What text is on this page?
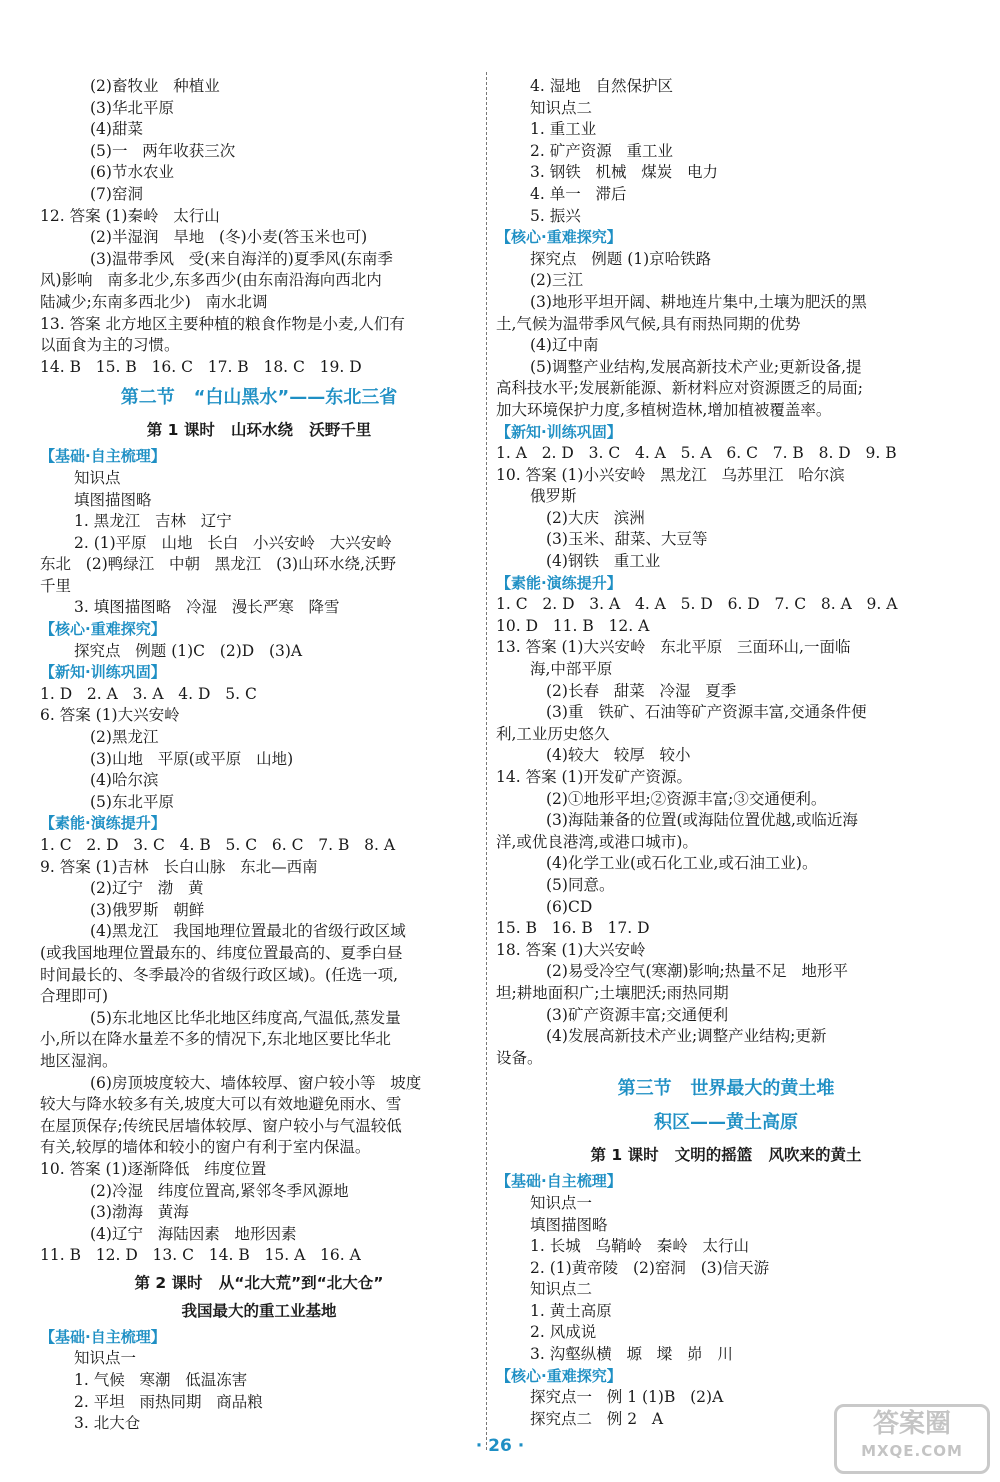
(2)畜牧业   种植业
(3)华北平原
(4)甜菜
(5)一   两年收获三次
(6)节水农业
(7)窑洞
12. 答案 (1)秦岭   太行山
(2)半湿润   旱地   (冬)小麦(答玉米也可)
(3)温带季风   受(来自海洋的)夏季风(东南季
风)影响   南多北少,东多西少(由东南沿海向西北内
陆减少;东南多西北少)   南水北调
13. 答案 北方地区主要种植的粮食作物是小麦,人们有
以面食为主的习惯。
14. B   15. B   16. C   17. B   18. C   19. D
第二节   “白山黑水”——东北三省
第 1 课时   山环水绕   沃野千里
【基础·自主梳理】
知识点
填图描图略
1. 黑龙江   吉林   辽宁
2. (1)平原   山地   长白   小兴安岭   大兴安岭
东北   (2)鸭绿江   中朝   黑龙江   (3)山环水绕,沃野
千里
3. 填图描图略   冷湿   漫长严寒   降雪
【核心·重难探究】
探究点   例题 (1)C   (2)D   (3)A
【新知·训练巩固】
1. D   2. A   3. A   4. D   5. C
6. 答案 (1)大兴安岭
(2)黑龙江
(3)山地   平原(或平原   山地)
(4)哈尔滨
(5)东北平原
【素能·演练提升】
1. C   2. D   3. C   4. B   5. C   6. C   7. B   8. A
9. 答案 (1)吉林   长白山脉   东北—西南
(2)辽宁   渤   黄
(3)俄罗斯   朝鲜
(4)黑龙江   我国地理位置最北的省级行政区域
(或我国地理位置最东的、纬度位置最高的、夏季白昼
时间最长的、冬季最冷的省级行政区域)。(任选一项,
合理即可)
(5)东北地区比华北地区纬度高,气温低,蒸发量
小,所以在降水量差不多的情况下,东北地区要比华北
地区湿润。
(6)房顶坡度较大、墙体较厚、窗户较小等   坡度
较大与降水较多有关,坡度大可以有效地避免雨水、雪
在屋顶保存;传统民居墙体较厚、窗户较小与气温较低
有关,较厚的墙体和较小的窗户有利于室内保温。
10. 答案 (1)逐渐降低   纬度位置
(2)冷湿   纬度位置高,紧邻冬季风源地
(3)渤海   黄海
(4)辽宁   海陆因素   地形因素
11. B   12. D   13. C   14. B   15. A   16. A
第 2 课时   从“北大荒”到“北大仓”
我国最大的重工业基地
【基础·自主梳理】
知识点一
1. 气候   寒潮   低温冻害
2. 平坦   雨热同期   商品粮
3. 北大仓
4. 湿地   自然保护区
知识点二
1. 重工业
2. 矿产资源   重工业
3. 钢铁   机械   煤炭   电力
4. 单一   滞后
5. 振兴
【核心·重难探究】
探究点   例题 (1)京哈铁路
(2)三江
(3)地形平坦开阔、耕地连片集中,土壤为肥沃的黑
土,气候为温带季风气候,具有雨热同期的优势
(4)辽中南
(5)调整产业结构,发展高新技术产业;更新设备,提
高科技水平;发展新能源、新材料应对资源匮乏的局面;
加大环境保护力度,多植树造林,增加植被覆盖率。
【新知·训练巩固】
1. A   2. D   3. C   4. A   5. A   6. C   7. B   8. D   9. B
10. 答案 (1)小兴安岭   黑龙江   乌苏里江   哈尔滨
俄罗斯
(2)大庆   滨洲
(3)玉米、甜菜、大豆等
(4)钢铁   重工业
【素能·演练提升】
1. C   2. D   3. A   4. A   5. D   6. D   7. C   8. A   9. A
10. D   11. B   12. A
13. 答案 (1)大兴安岭   东北平原   三面环山,一面临
海,中部平原
(2)长春   甜菜   冷湿   夏季
(3)重   铁矿、石油等矿产资源丰富,交通条件便
利,工业历史悠久
(4)较大   较厚   较小
14. 答案 (1)开发矿产资源。
(2)①地形平坦;②资源丰富;③交通便利。
(3)海陆兼备的位置(或海陆位置优越,或临近海
洋,或优良港湾,或港口城市)。
(4)化学工业(或石化工业,或石油工业)。
(5)同意。
(6)CD
15. B   16. B   17. D
18. 答案 (1)大兴安岭
(2)易受冷空气(寒潮)影响;热量不足   地形平
坦;耕地面积广;土壤肥沃;雨热同期
(3)矿产资源丰富;交通便利
(4)发展高新技术产业;调整产业结构;更新
设备。
第三节   世界最大的黄土堆
积区——黄土高原
第 1 课时   文明的摇篮   风吹来的黄土
【基础·自主梳理】
知识点一
填图描图略
1. 长城   乌鞘岭   秦岭   太行山
2. (1)黄帝陵   (2)窑洞   (3)信天游
知识点二
1. 黄土高原
2. 风成说
3. 沟壑纵横   塬   墚   峁   川
【核心·重难探究】
探究点一   例 1 (1)B   (2)A
探究点二   例 2   A
· 26 ·
答案圈
MXQE.COM
